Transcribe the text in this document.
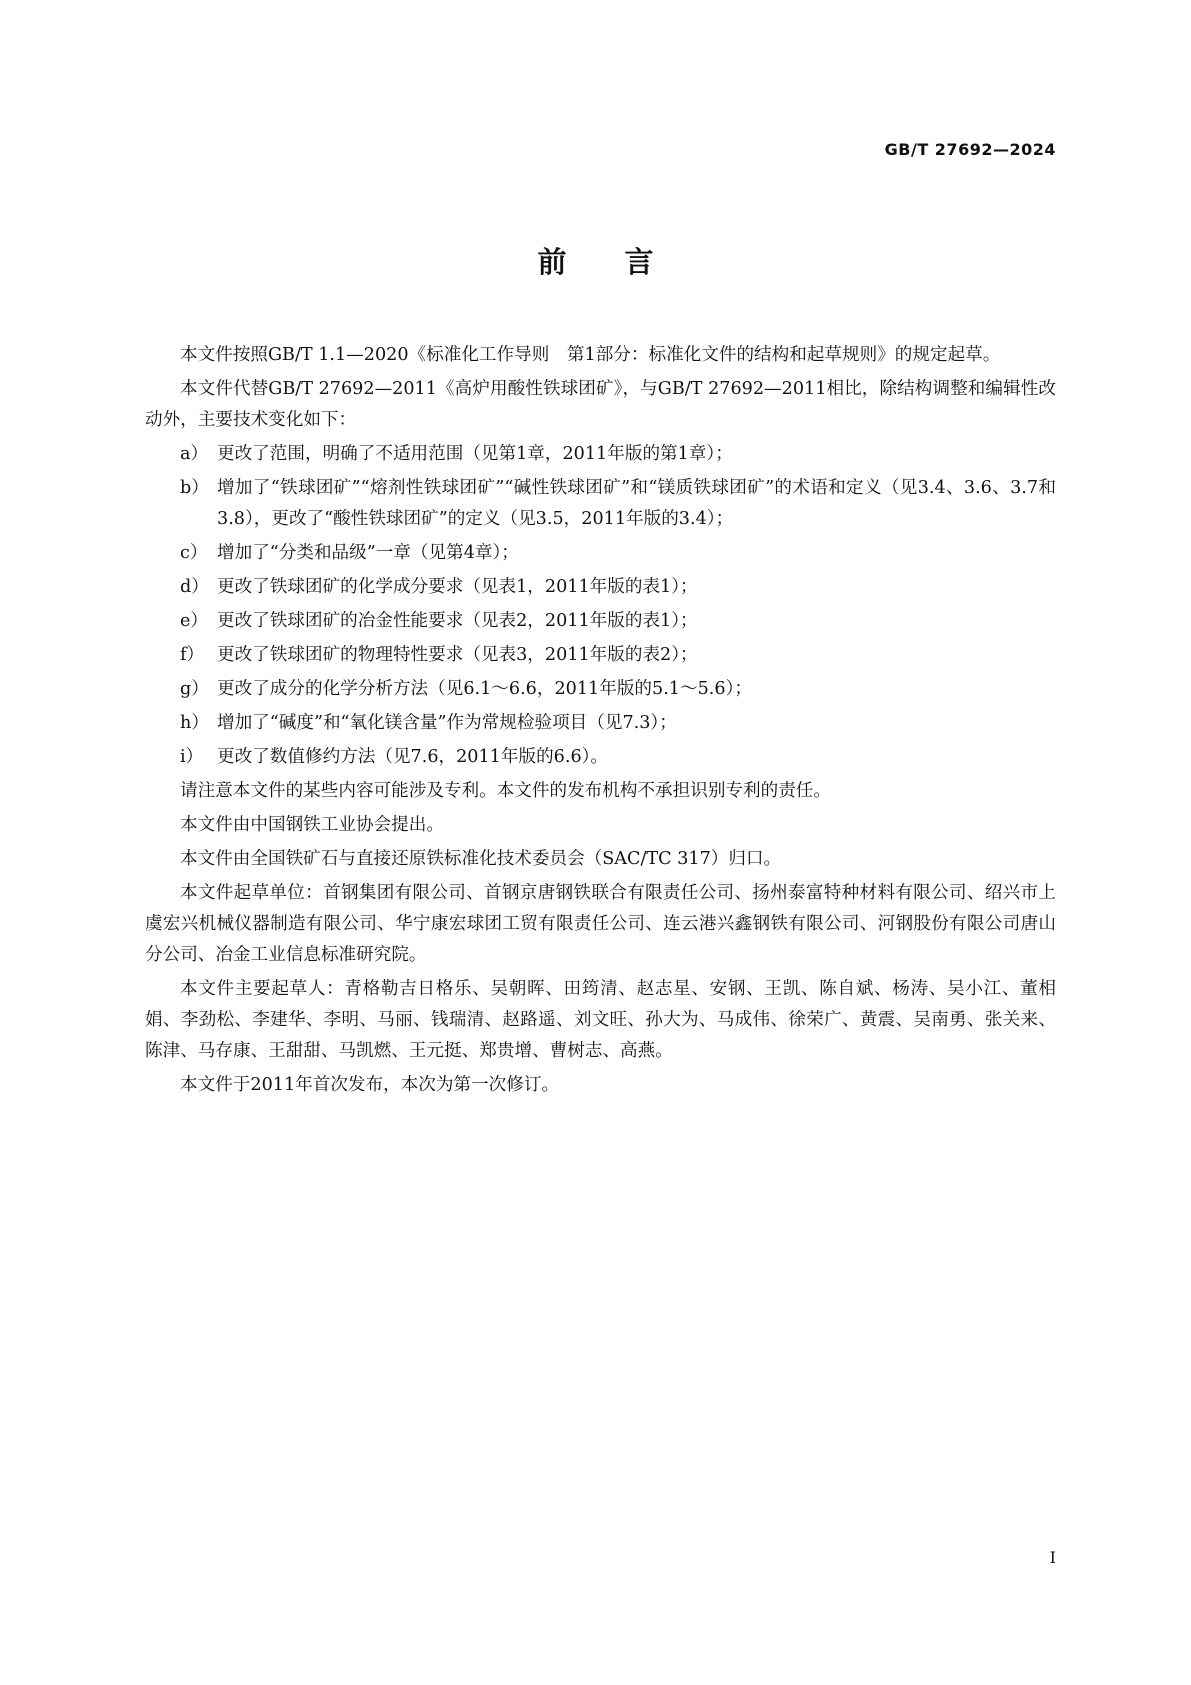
GB/T 27692—2024
前言

本文件按照GB/T 1.1—2020《标准化工作导则　第1部分：标准化文件的结构和起草规则》的规定起草。

本文件代替GB/T 27692—2011《高炉用酸性铁球团矿》，与GB/T 27692—2011相比，除结构调整和编辑性改动外，主要技术变化如下：

a） 更改了范围，明确了不适用范围（见第1章，2011年版的第1章）；
b） 增加了“铁球团矿”“熔剂性铁球团矿”“碱性铁球团矿”和“镁质铁球团矿”的术语和定义（见3.4、3.6、3.7和3.8），更改了“酸性铁球团矿”的定义（见3.5，2011年版的3.4）；
c） 增加了“分类和品级”一章（见第4章）；
d） 更改了铁球团矿的化学成分要求（见表1，2011年版的表1）；
e） 更改了铁球团矿的冶金性能要求（见表2，2011年版的表1）；
f） 更改了铁球团矿的物理特性要求（见表3，2011年版的表2）；
g） 更改了成分的化学分析方法（见6.1～6.6，2011年版的5.1～5.6）；
h） 增加了“碱度”和“氧化镁含量”作为常规检验项目（见7.3）；
i） 更改了数值修约方法（见7.6，2011年版的6.6）。

请注意本文件的某些内容可能涉及专利。本文件的发布机构不承担识别专利的责任。

本文件由中国钢铁工业协会提出。

本文件由全国铁矿石与直接还原铁标准化技术委员会（SAC/TC 317）归口。

本文件起草单位：首钢集团有限公司、首钢京唐钢铁联合有限责任公司、扬州泰富特种材料有限公司、绍兴市上虞宏兴机械仪器制造有限公司、华宁康宏球团工贸有限责任公司、连云港兴鑫钢铁有限公司、河钢股份有限公司唐山分公司、冶金工业信息标准研究院。

本文件主要起草人：青格勒吉日格乐、吴朝晖、田筠清、赵志星、安钢、王凯、陈自斌、杨涛、吴小江、董相娟、李劲松、李建华、李明、马丽、钱瑞清、赵路遥、刘文旺、孙大为、马成伟、徐荣广、黄震、吴南勇、张关来、陈津、马存康、王甜甜、马凯燃、王元挺、郑贵增、曹树志、高燕。

本文件于2011年首次发布，本次为第一次修订。

I
